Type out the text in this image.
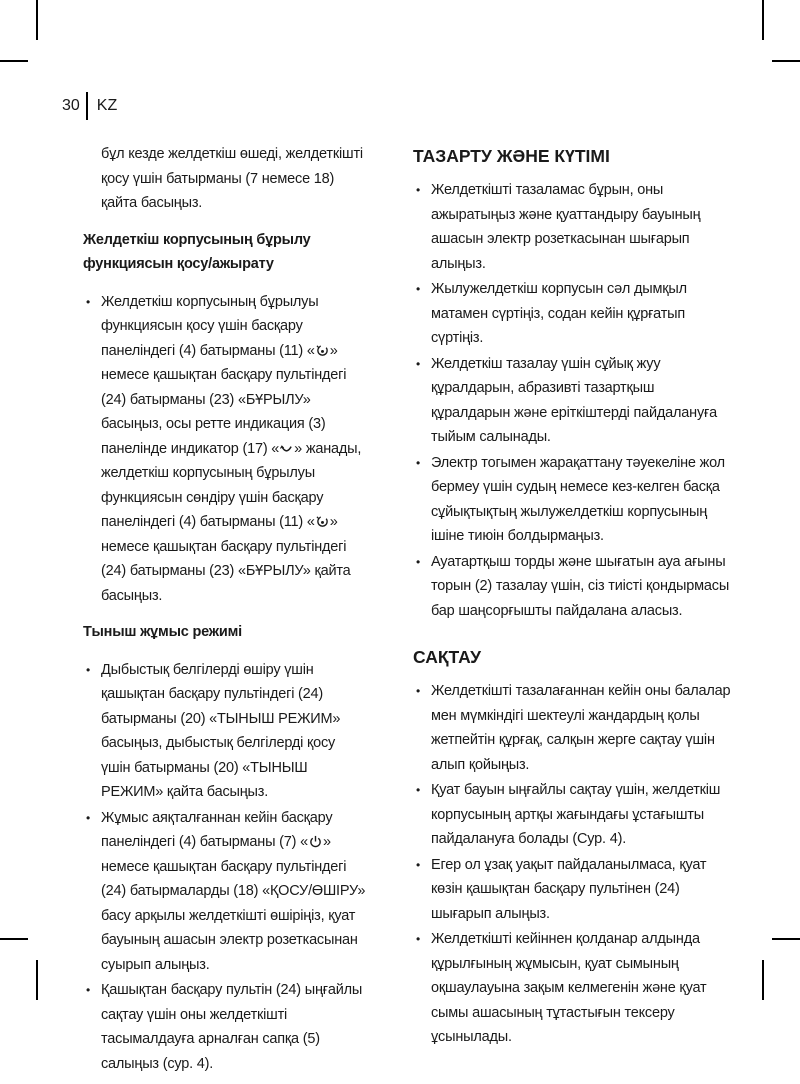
30 KZ
бұл кезде желдеткіш өшеді, желдеткішті қосу үшін батырманы (7 немесе 18) қайта басыңыз.
Желдеткіш корпусының бұрылу функциясын қосу/ажырату
• Желдеткіш корпусының бұрылуы функциясын қосу үшін басқару панеліндегі (4) батырманы (11) « » немесе қашықтан басқару пультіндегі (24) батырманы (23) «БҰРЫЛУ» басыңыз, осы ретте индикация (3) панелінде индикатор (17) « » жанады, желдеткіш корпусының бұрылуы функциясын сөндіру үшін басқару панеліндегі (4) батырманы (11) « » немесе қашықтан басқару пультіндегі (24) батырманы (23) «БҰРЫЛУ» қайта басыңыз.
Тыныш жұмыс режимі
• Дыбыстық белгілерді өшіру үшін қашықтан басқару пультіндегі (24) батырманы (20) «ТЫНЫШ РЕЖИМ» басыңыз, дыбыстық белгілерді қосу үшін батырманы (20) «ТЫНЫШ РЕЖИМ» қайта басыңыз.
• Жұмыс аяқталғаннан кейін басқару панеліндегі (4) батырманы (7) « » немесе қашықтан басқару пультіндегі (24) батырмаларды (18) «ҚОСУ/ӨШІРУ» басу арқылы желдеткішті өшіріңіз, қуат бауының ашасын электр розеткасынан суырып алыңыз.
• Қашықтан басқару пультін (24) ыңғайлы сақтау үшін оны желдеткішті тасымалдауға арналған сапқа (5) салыңыз (сур. 4).
ТАЗАРТУ ЖӘНЕ КҮТІМІ
• Желдеткішті тазаламас бұрын, оны ажыратыңыз және қуаттандыру бауының ашасын электр розеткасынан шығарып алыңыз.
• Жылужелдеткіш корпусын сәл дымқыл матамен сүртіңіз, содан кейін құрғатып сүртіңіз.
• Желдеткіш тазалау үшін сұйық жуу құралдарын, абразивті тазартқыш құралдарын және еріткіштерді пайдалануға тыйым салынады.
• Электр тогымен жарақаттану тәуекеліне жол бермеу үшін судың немесе кез-келген басқа сұйықтықтың жылужелдеткіш корпусының ішіне тиюін болдырмаңыз.
• Ауатартқыш торды және шығатын ауа ағыны торын (2) тазалау үшін, сіз тиісті қондырмасы бар шаңсорғышты пайдалана аласыз.
САҚТАУ
• Желдеткішті тазалағаннан кейін оны балалар мен мүмкіндігі шектеулі жандардың қолы жетпейтін құрғақ, салқын жерге сақтау үшін алып қойыңыз.
• Қуат бауын ыңғайлы сақтау үшін, желдеткіш корпусының артқы жағындағы ұстағышты пайдалануға болады (Сур. 4).
• Егер ол ұзақ уақыт пайдаланылмаса, қуат көзін қашықтан басқару пультінен (24) шығарып алыңыз.
• Желдеткішті кейіннен қолданар алдында құрылғының жұмысын, қуат сымының оқшаулауына зақым келмегенін және қуат сымы ашасының тұтастығын тексеру ұсынылады.
